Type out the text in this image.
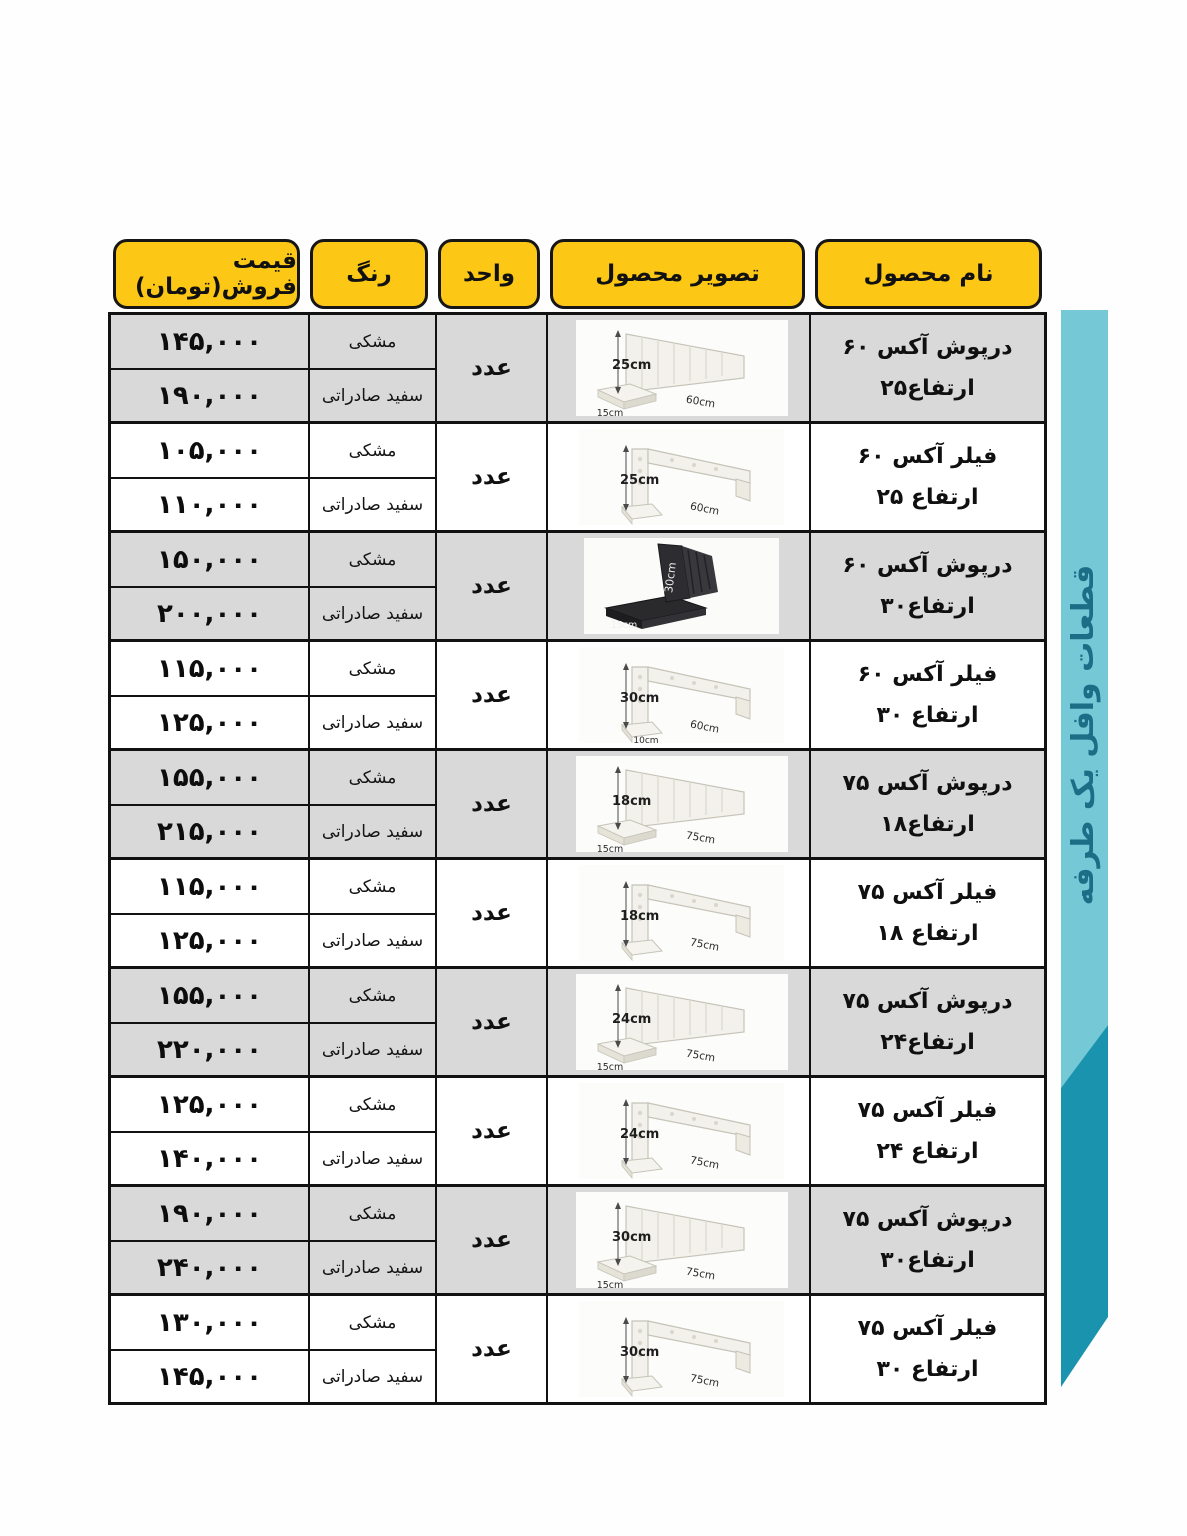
نام محصول
تصویر محصول
واحد
رنگ
قیمت فروش(تومان)
درپوش آکس ۶۰
ارتفاع۲۵
25cm
60cm
15cm
عدد
مشکی
سفید صادراتی
۱۴۵,۰۰۰
۱۹۰,۰۰۰
فیلر آکس ۶۰
ارتفاع ۲۵
25cm
60cm
عدد
مشکی
سفید صادراتی
۱۰۵,۰۰۰
۱۱۰,۰۰۰
درپوش آکس ۶۰
ارتفاع۳۰
30cm
15cm
عدد
مشکی
سفید صادراتی
۱۵۰,۰۰۰
۲۰۰,۰۰۰
فیلر آکس ۶۰
ارتفاع ۳۰
30cm
60cm
10cm
عدد
مشکی
سفید صادراتی
۱۱۵,۰۰۰
۱۲۵,۰۰۰
درپوش آکس ۷۵
ارتفاع۱۸
18cm
75cm
15cm
عدد
مشکی
سفید صادراتی
۱۵۵,۰۰۰
۲۱۵,۰۰۰
فیلر آکس ۷۵
ارتفاع ۱۸
18cm
75cm
عدد
مشکی
سفید صادراتی
۱۱۵,۰۰۰
۱۲۵,۰۰۰
درپوش آکس ۷۵
ارتفاع۲۴
24cm
75cm
15cm
عدد
مشکی
سفید صادراتی
۱۵۵,۰۰۰
۲۲۰,۰۰۰
فیلر آکس ۷۵
ارتفاع ۲۴
24cm
75cm
عدد
مشکی
سفید صادراتی
۱۲۵,۰۰۰
۱۴۰,۰۰۰
درپوش آکس ۷۵
ارتفاع۳۰
30cm
75cm
15cm
عدد
مشکی
سفید صادراتی
۱۹۰,۰۰۰
۲۴۰,۰۰۰
فیلر آکس ۷۵
ارتفاع ۳۰
30cm
75cm
عدد
مشکی
سفید صادراتی
۱۳۰,۰۰۰
۱۴۵,۰۰۰
قطعات وافل یک طرفه
